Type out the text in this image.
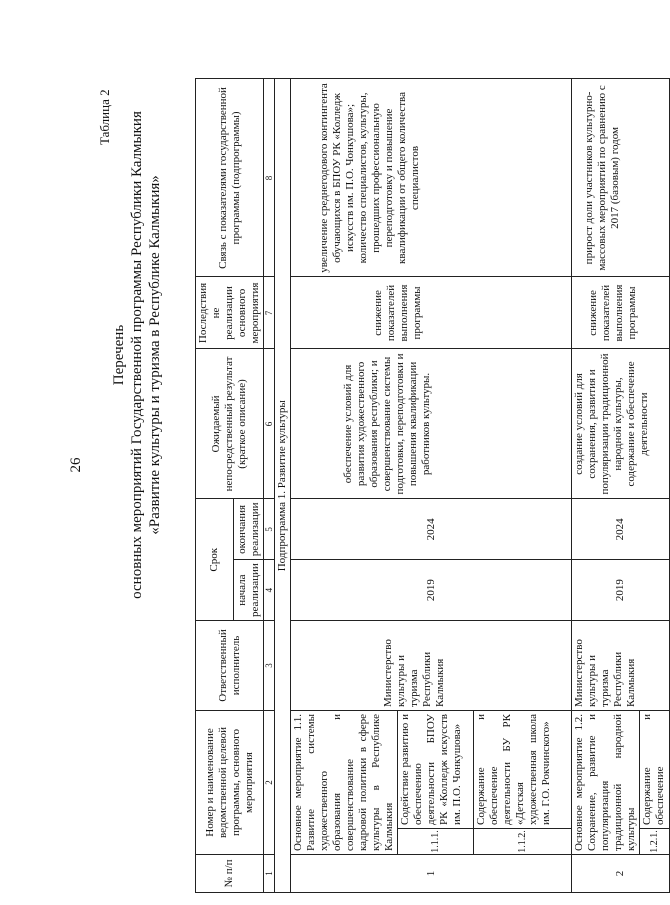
26
Таблица 2
Перечень основных мероприятий Государственной программы Республики Калмыкия «Развитие культуры и туризма в Республике Калмыкия»
№ п/п	Номер и наименование ведомственной целевой программы, основного мероприятия		Ответственный исполнитель	Срок		Ожидаемый непосредственный результат (краткое описание)	Последствия не реализации основного мероприятия	Связь с показателями государственной программы (подпрограммы)
				начала реализации	окончания реализации			
1	2		3	4	5	6	7	8
Подпрограмма 1. Развитие культуры								
1	Основное мероприятие 1.1. Развитие системы художественного образования и совершенствование кадровой политики в сфере культуры в Республике Калмыкия		Министерство культуры и туризма Республики Калмыкия	2019	2024	обеспечение условий для развития художественного образования республики; и совершенствование системы подготовки, переподготовки и повышения квалификации работников культуры.	снижение показателей выполнения программы	увеличение среднегодового контингента обучающихся в БПОУ РК «Колледж искусств им. П.О. Чонкушова»; количество специалистов, культуры, прошедших профессиональную переподготовку и повышение квалификации от общего количества специалистов

	1.1.1.	Содействие развитию и обеспечению деятельности БПОУ РК «Колледж искусств им. П.О. Чонкушова»						
	1.1.2.	Содержание и обеспечение деятельности БУ РК «Детская художественная школа им. Г.О. Рокчинского»						
2	Основное мероприятие 1.2. Сохранение, развитие и популяризация традиционной народной культуры		Министерство культуры и туризма Республики Калмыкия	2019	2024	создание условий для сохранения, развития и популяризации традиционной народной культуры, содержание и обеспечение деятельности	снижение показателей выполнения программы	прирост доли участников культурно-массовых мероприятий по сравнению с 2017 (базовым) годом

	1.2.1.	Содержание и обеспечение						
